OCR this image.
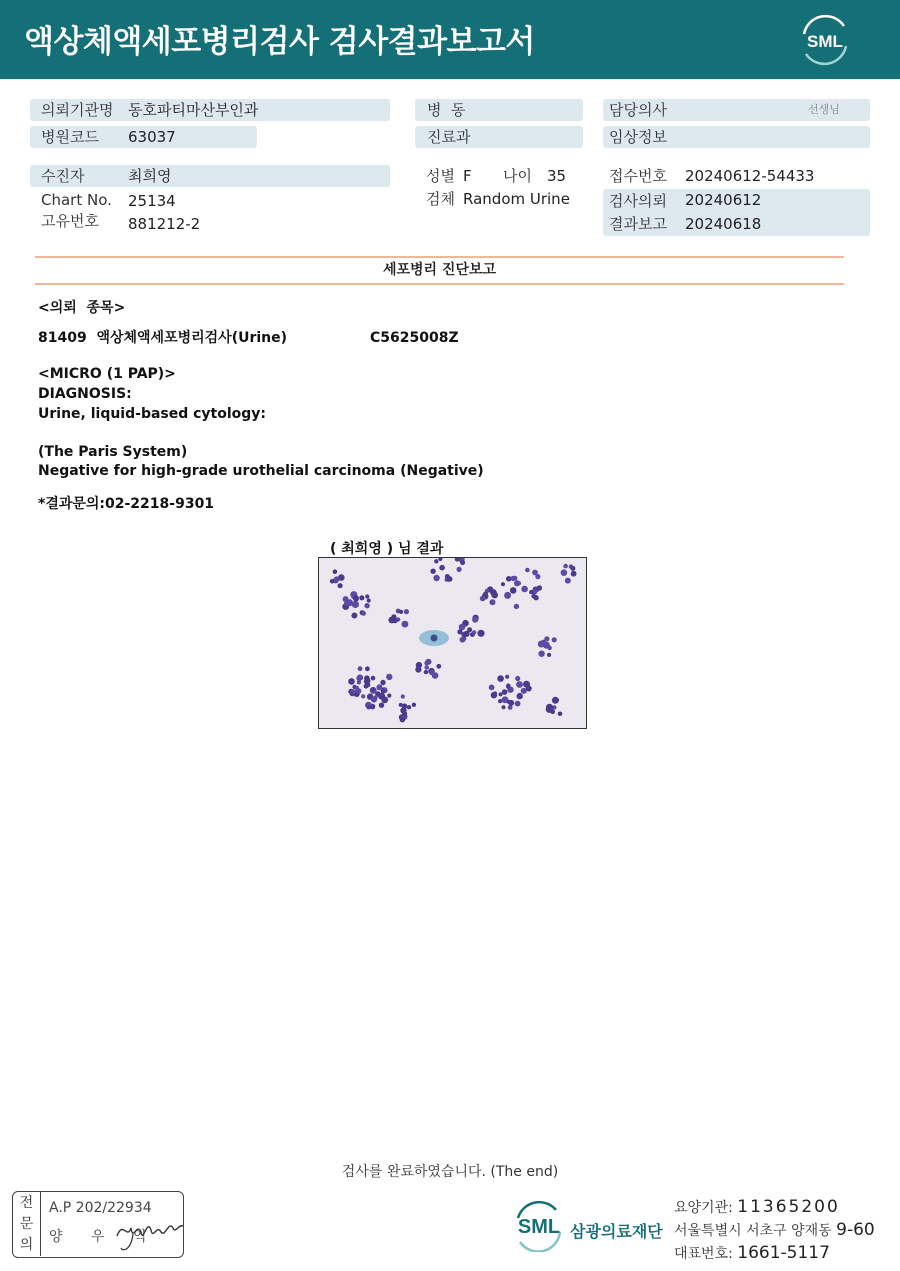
액상체액세포병리검사 검사결과보고서	SML
의뢰기관명 동호파티마산부인과	병  동	담당의사	선생님
병원코드 63037	진료과	임상정보
수진자	최희영
Chart No. 25134
고유번호 881212-2
성별 F 나이 35
검체 Random Urine
접수번호 20240612-54433
검사의뢰 20240612
결과보고 20240618
세포병리 진단보고
<의뢰  종목>
81409  액상체액세포병리검사(Urine)	C5625008Z
<MICRO (1 PAP)>
DIAGNOSIS:
Urine, liquid-based cytology:
(The Paris System)
Negative for high-grade urothelial carcinoma (Negative)
*결과문의:02-2218-9301
( 최희영 ) 님 결과
검사를 완료하였습니다. (The end)
전
문
의
A.P 202/22934
양 우 익	SML 삼광의료재단
요양기관: 11365200
서울특별시 서초구 양재동 9-60
대표번호: 1661-5117
